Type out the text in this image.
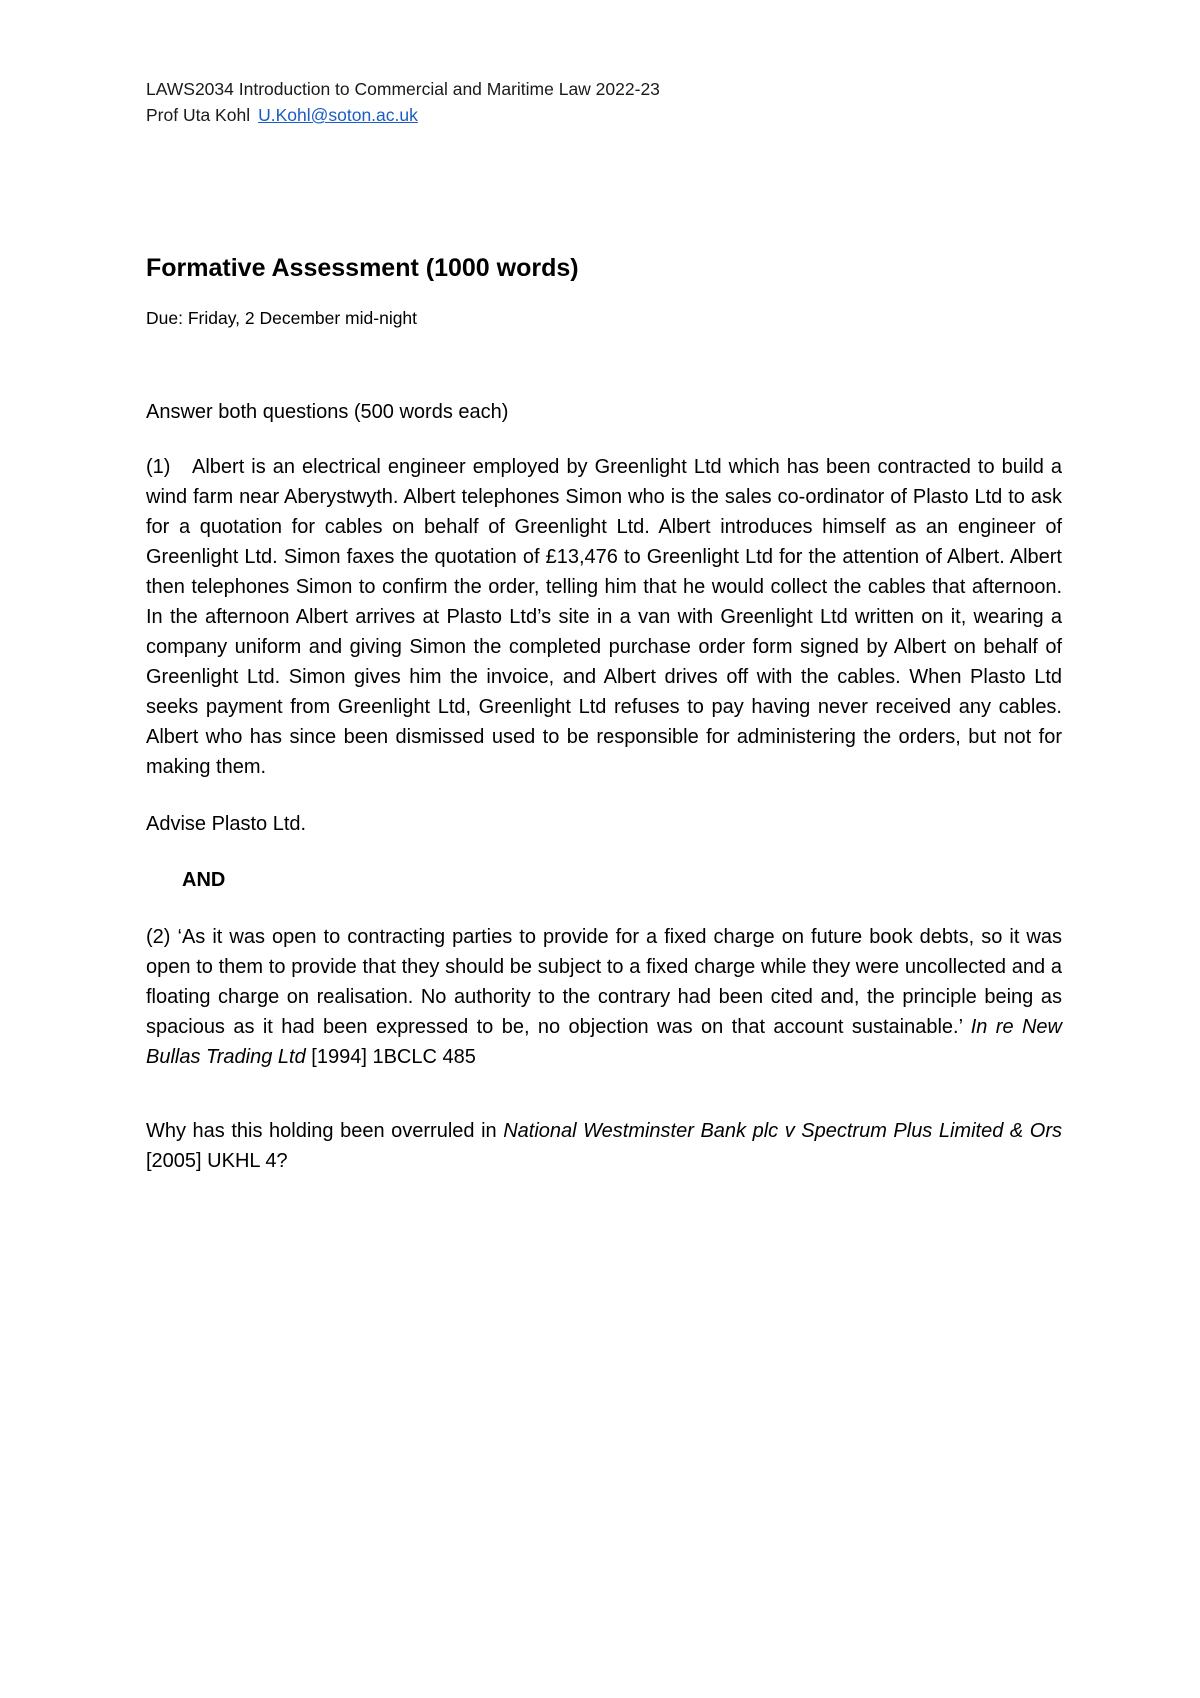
LAWS2034 Introduction to Commercial and Maritime Law 2022-23
Prof Uta Kohl U.Kohl@soton.ac.uk
Formative Assessment (1000 words)
Due: Friday, 2 December mid-night
Answer both questions (500 words each)
(1) Albert is an electrical engineer employed by Greenlight Ltd which has been contracted to build a wind farm near Aberystwyth. Albert telephones Simon who is the sales co-ordinator of Plasto Ltd to ask for a quotation for cables on behalf of Greenlight Ltd. Albert introduces himself as an engineer of Greenlight Ltd. Simon faxes the quotation of £13,476 to Greenlight Ltd for the attention of Albert. Albert then telephones Simon to confirm the order, telling him that he would collect the cables that afternoon. In the afternoon Albert arrives at Plasto Ltd’s site in a van with Greenlight Ltd written on it, wearing a company uniform and giving Simon the completed purchase order form signed by Albert on behalf of Greenlight Ltd. Simon gives him the invoice, and Albert drives off with the cables. When Plasto Ltd seeks payment from Greenlight Ltd, Greenlight Ltd refuses to pay having never received any cables. Albert who has since been dismissed used to be responsible for administering the orders, but not for making them.
Advise Plasto Ltd.
AND
(2) ‘As it was open to contracting parties to provide for a fixed charge on future book debts, so it was open to them to provide that they should be subject to a fixed charge while they were uncollected and a floating charge on realisation. No authority to the contrary had been cited and, the principle being as spacious as it had been expressed to be, no objection was on that account sustainable.’ In re New Bullas Trading Ltd [1994] 1BCLC 485
Why has this holding been overruled in National Westminster Bank plc v Spectrum Plus Limited & Ors [2005] UKHL 4?
